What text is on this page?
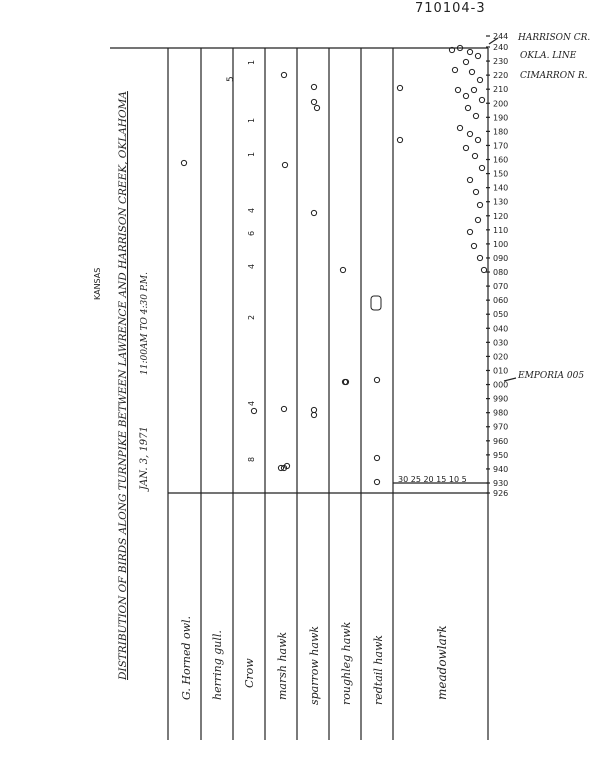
710104-3
KANSAS DISTRIBUTION OF BIRDS ALONG TURNPIKE BETWEEN LAWRENCE AND HARRISON CREEK, OKLAHOMA JAN. 3, 1971
11:00AM TO 4:30 P.M.
G. Horned owl. herring gull. Crow marsh hawk sparrow hawk roughleg hawk redtail hawk	meadowlark
244
240
230
220
210
200
190
180
170
160
150
140
130
120
110
100
090
080
070
060
050
040
030
020
010
000
990
980
970
960
950
940
930
926
30 25 20 15 10 5
HARRISON CR.
OKLA. LINE
CIMARRON R.
EMPORIA 005
1
1
1
4
6
4
2
4
8
5
